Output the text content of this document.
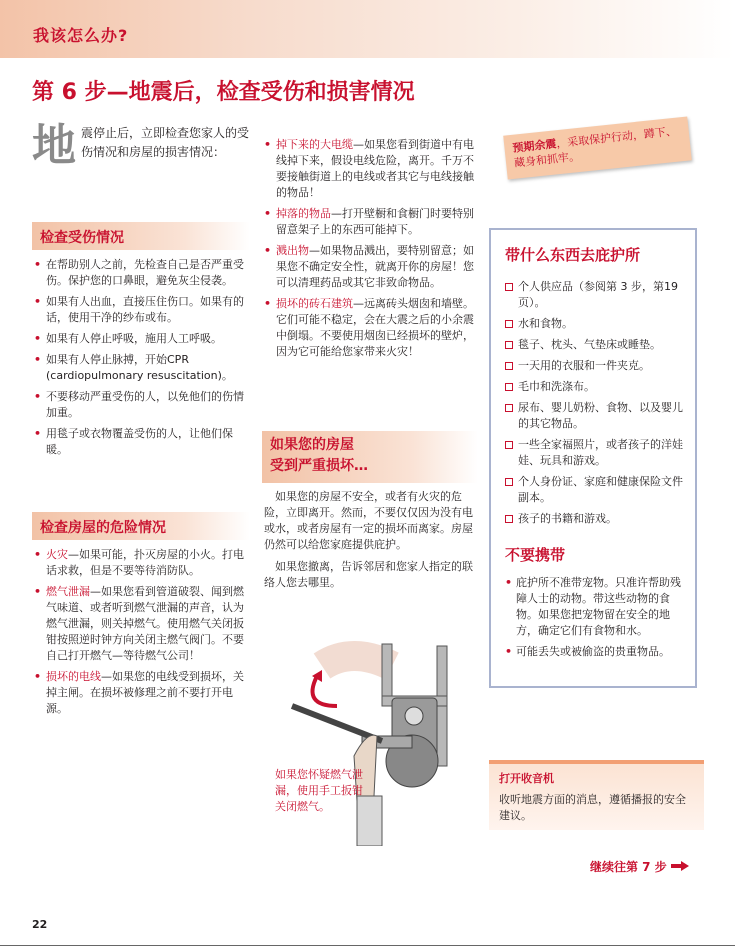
我该怎么办?
第 6 步—地震后，检查受伤和损害情况
地 震停止后，立即检查您家人的受伤情况和房屋的损害情况：
检查受伤情况
• 在帮助别人之前，先检查自己是否严重受伤。保护您的口鼻眼，避免灰尘侵袭。
• 如果有人出血，直接压住伤口。如果有的话，使用干净的纱布或布。
• 如果有人停止呼吸，施用人工呼吸。
• 如果有人停止脉搏，开始CPR (cardiopulmonary resuscitation)。
• 不要移动严重受伤的人，以免他们的伤情加重。
• 用毯子或衣物覆盖受伤的人，让他们保暖。
检查房屋的危险情况
• 火灾—如果可能，扑灭房屋的小火。打电话求救，但是不要等待消防队。
• 燃气泄漏—如果您看到管道破裂、闻到燃气味道、或者听到燃气泄漏的声音，认为燃气泄漏，则关掉燃气。使用燃气关闭扳钳按照逆时钟方向关闭主燃气阀门。不要自己打开燃气—等待燃气公司！
• 损坏的电线—如果您的电线受到损坏，关掉主闸。在损坏被修理之前不要打开电源。
• 掉下来的大电缆—如果您看到街道中有电线掉下来，假设电线危险，离开。千万不要接触街道上的电线或者其它与电线接触的物品！
• 掉落的物品—打开壁橱和食橱门时要特别留意架子上的东西可能掉下。
• 溅出物—如果物品溅出，要特别留意；如果您不确定安全性，就离开你的房屋！您可以清理药品或其它非致命物品。
• 损坏的砖石建筑—远离砖头烟囱和墙壁。它们可能不稳定，会在大震之后的小余震中倒塌。不要使用烟囱已经损坏的壁炉，因为它可能给您家带来火灾！
如果您的房屋
受到严重损坏…

如果您的房屋不安全，或者有火灾的危险，立即离开。然而，不要仅仅因为没有电或水，或者房屋有一定的损坏而离家。房屋仍然可以给您家庭提供庇护。

如果您撤离，告诉邻居和您家人指定的联络人您去哪里。

如果您怀疑燃气泄漏，使用手工扳钳关闭燃气。
预期余震，采取保护行动，蹲下、藏身和抓牢。
带什么东西去庇护所
个人供应品（参阅第 3 步，第19页）。
水和食物。
毯子、枕头、气垫床或睡垫。
一天用的衣服和一件夹克。
毛巾和洗涤布。
尿布、婴儿奶粉、食物、以及婴儿的其它物品。
一些全家福照片，或者孩子的洋娃娃、玩具和游戏。
个人身份证、家庭和健康保险文件副本。
孩子的书籍和游戏。
不要携带
• 庇护所不准带宠物。只准许帮助残障人士的动物。带这些动物的食物。如果您把宠物留在安全的地方，确定它们有食物和水。
• 可能丢失或被偷盗的贵重物品。
打开收音机
收听地震方面的消息，遵循播报的安全建议。
继续往第 7 步
22
